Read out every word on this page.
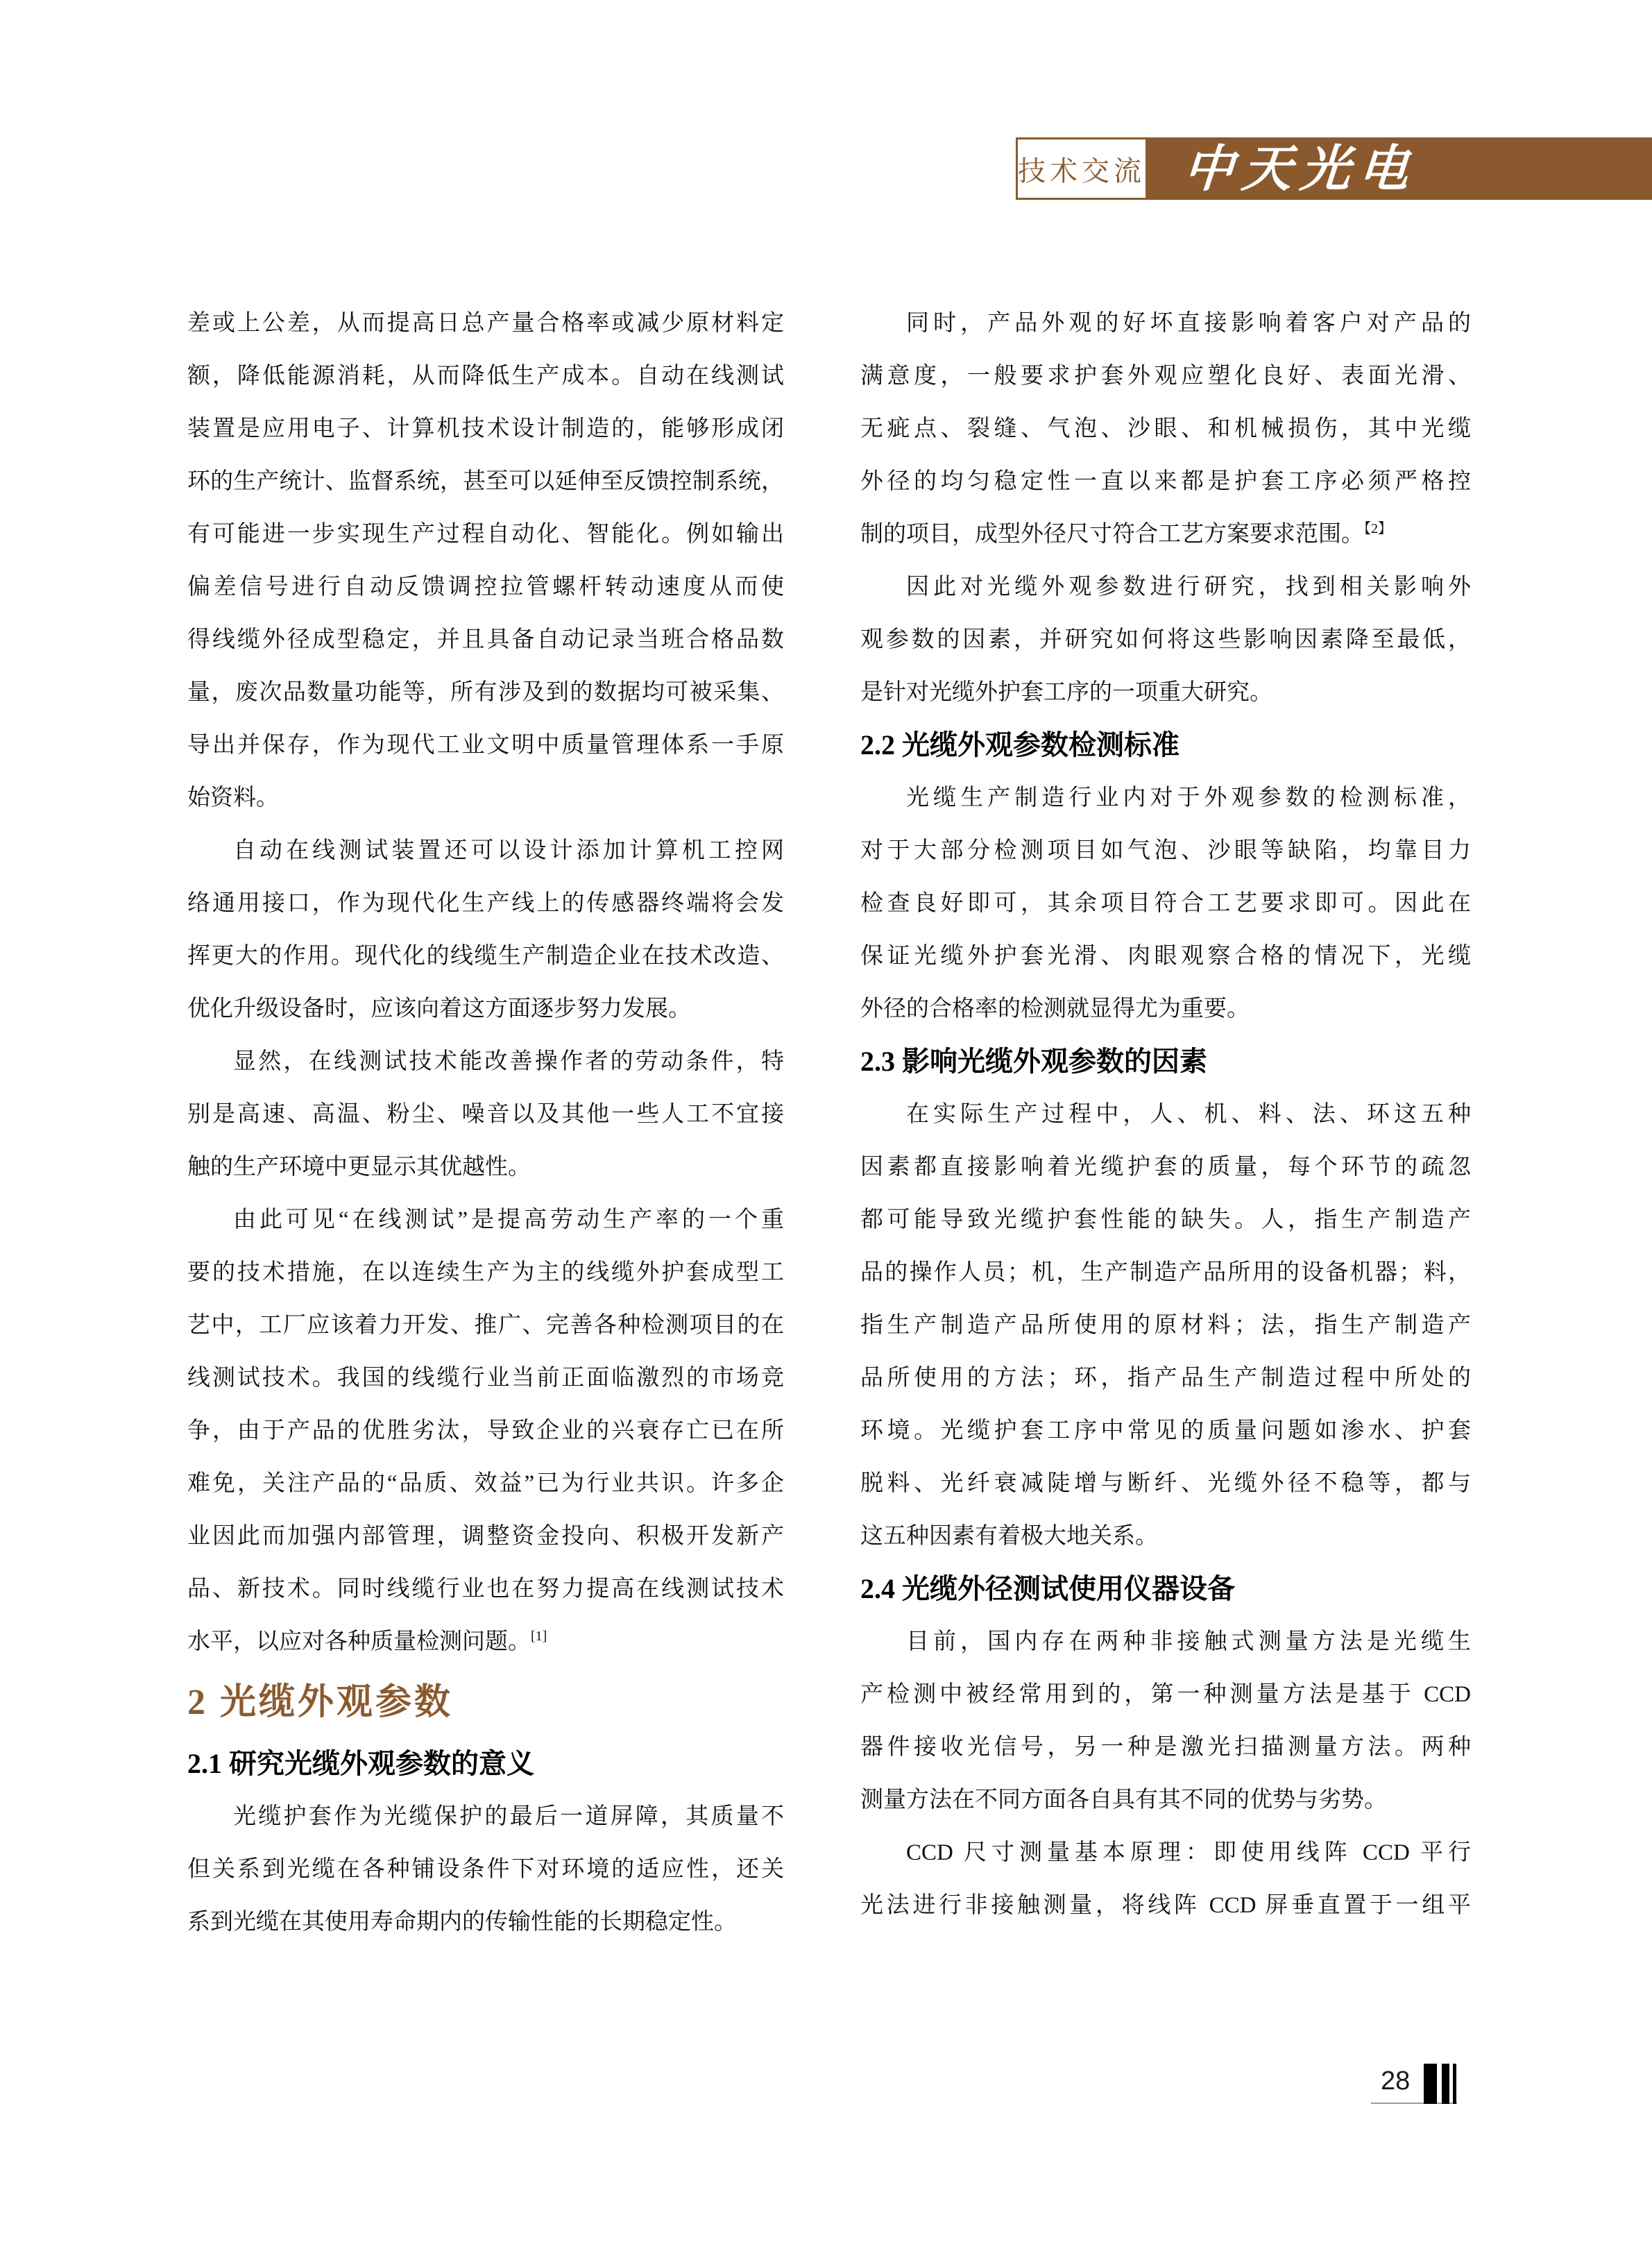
中天光电
技术交流
差或上公差，从而提高日总产量合格率或减少原材料定
额，降低能源消耗，从而降低生产成本。自动在线测试
装置是应用电子、计算机技术设计制造的，能够形成闭
环的生产统计、监督系统，甚至可以延伸至反馈控制系统，
有可能进一步实现生产过程自动化、智能化。例如输出
偏差信号进行自动反馈调控拉管螺杆转动速度从而使
得线缆外径成型稳定，并且具备自动记录当班合格品数
量，废次品数量功能等，所有涉及到的数据均可被采集、
导出并保存，作为现代工业文明中质量管理体系一手原
始资料。
自动在线测试装置还可以设计添加计算机工控网
络通用接口，作为现代化生产线上的传感器终端将会发
挥更大的作用。现代化的线缆生产制造企业在技术改造、
优化升级设备时，应该向着这方面逐步努力发展。
显然，在线测试技术能改善操作者的劳动条件，特
别是高速、高温、粉尘、噪音以及其他一些人工不宜接
触的生产环境中更显示其优越性。
由此可见“在线测试”是提高劳动生产率的一个重
要的技术措施，在以连续生产为主的线缆外护套成型工
艺中，工厂应该着力开发、推广、完善各种检测项目的在
线测试技术。我国的线缆行业当前正面临激烈的市场竞
争，由于产品的优胜劣汰，导致企业的兴衰存亡已在所
难免，关注产品的“品质、效益”已为行业共识。许多企
业因此而加强内部管理，调整资金投向、积极开发新产
品、新技术。同时线缆行业也在努力提高在线测试技术
水平，以应对各种质量检测问题。[1]
2 光缆外观参数
2.1 研究光缆外观参数的意义
光缆护套作为光缆保护的最后一道屏障，其质量不
但关系到光缆在各种铺设条件下对环境的适应性，还关
系到光缆在其使用寿命期内的传输性能的长期稳定性。
同时，产品外观的好坏直接影响着客户对产品的
满意度，一般要求护套外观应塑化良好、表面光滑、
无疵点、裂缝、气泡、沙眼、和机械损伤，其中光缆
外径的均匀稳定性一直以来都是护套工序必须严格控
制的项目，成型外径尺寸符合工艺方案要求范围。$^{【2】}$
因此对光缆外观参数进行研究，找到相关影响外
观参数的因素，并研究如何将这些影响因素降至最低，
是针对光缆外护套工序的一项重大研究。
2.2 光缆外观参数检测标准
光缆生产制造行业内对于外观参数的检测标准，
对于大部分检测项目如气泡、沙眼等缺陷，均靠目力
检查良好即可，其余项目符合工艺要求即可。因此在
保证光缆外护套光滑、肉眼观察合格的情况下，光缆
外径的合格率的检测就显得尤为重要。
2.3 影响光缆外观参数的因素
在实际生产过程中，人、机、料、法、环这五种
因素都直接影响着光缆护套的质量，每个环节的疏忽
都可能导致光缆护套性能的缺失。人，指生产制造产
品的操作人员；机，生产制造产品所用的设备机器；料，
指生产制造产品所使用的原材料；法，指生产制造产
品所使用的方法；环，指产品生产制造过程中所处的
环境。光缆护套工序中常见的质量问题如渗水、护套
脱料、光纤衰减陡增与断纤、光缆外径不稳等，都与
这五种因素有着极大地关系。
2.4 光缆外径测试使用仪器设备
目前，国内存在两种非接触式测量方法是光缆生
产检测中被经常用到的，第一种测量方法是基于 CCD
器件接收光信号，另一种是激光扫描测量方法。两种
测量方法在不同方面各自具有其不同的优势与劣势。
CCD 尺寸测量基本原理：即使用线阵 CCD 平行
光法进行非接触测量，将线阵 CCD 屏垂直置于一组平
28
